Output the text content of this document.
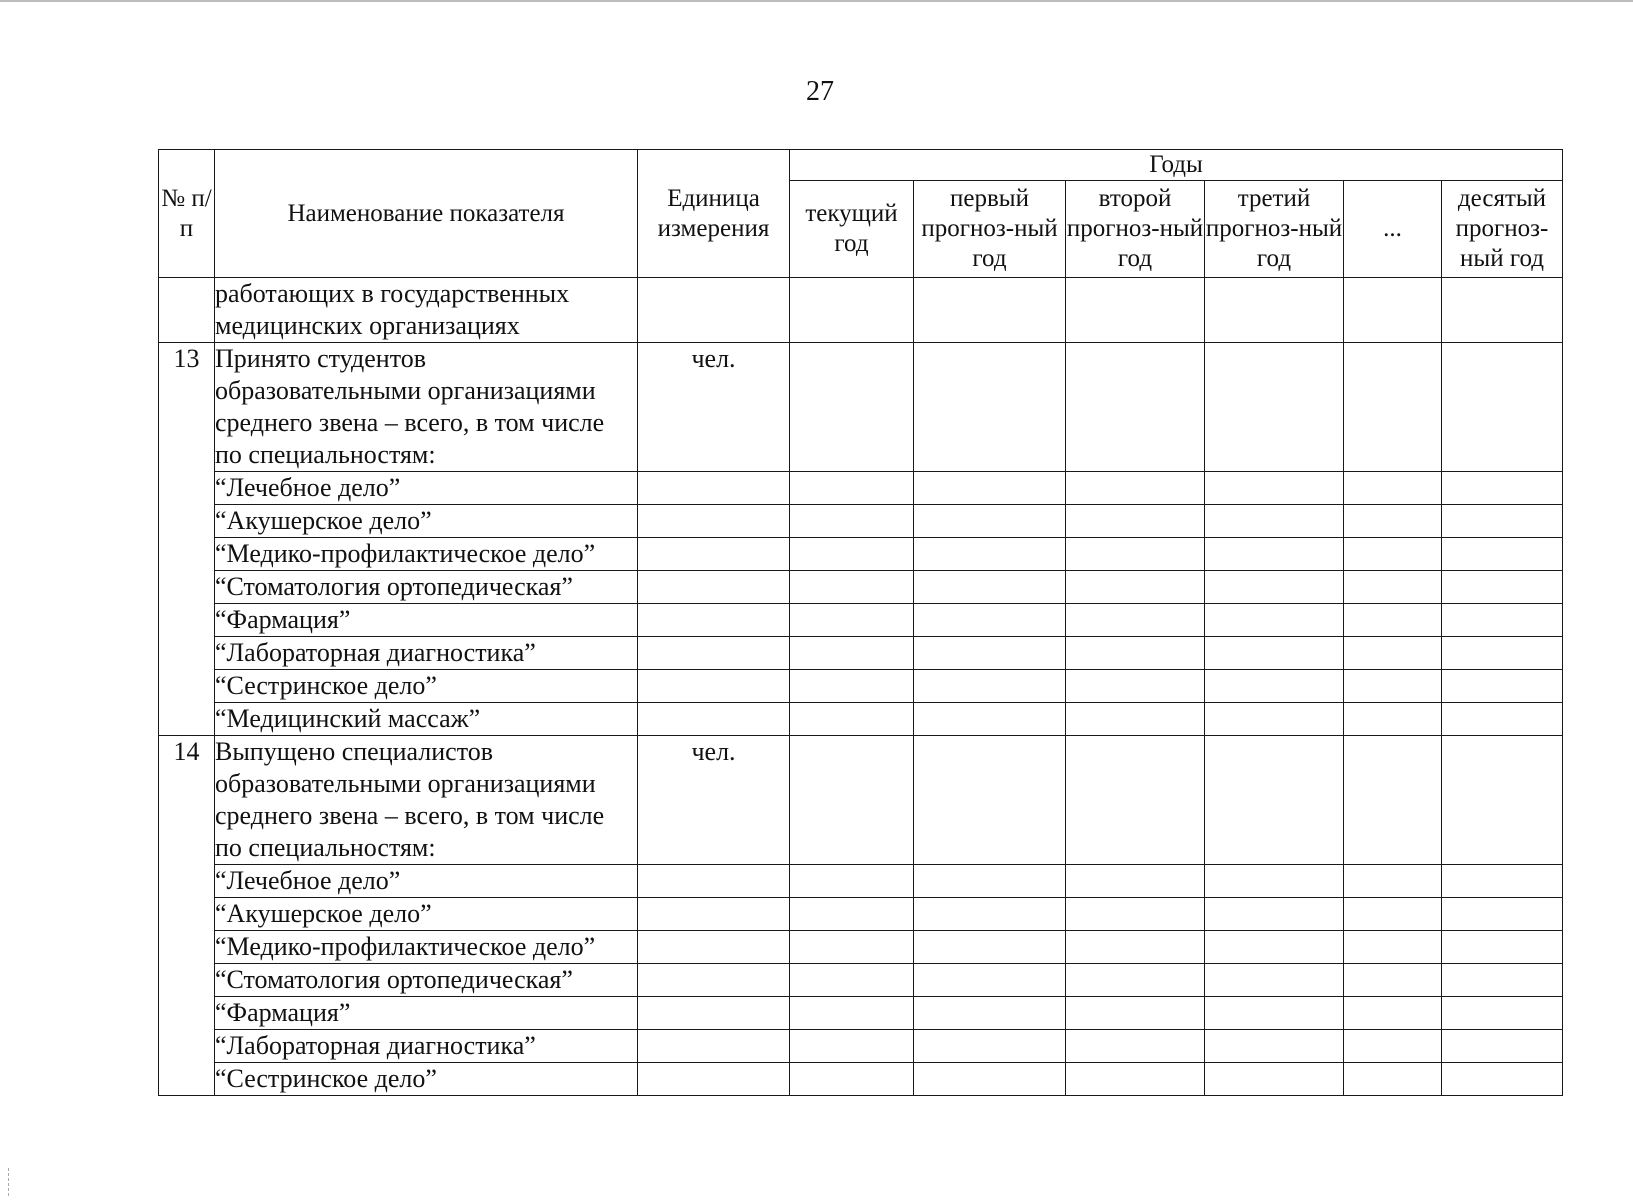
27
№ п/п	Наименование показателя	Единица измерения	Годы					
			текущий год	первый прогноз-ный год	второй прогноз-ный год	третий прогноз-ный год	...	десятый прогноз-ный год
	работающих в государственных медицинских организациях							
13	Принято студентов образовательными организациями среднего звена – всего, в том числе по специальностям:	чел.						
	“Лечебное дело”							
	“Акушерское дело”							
	“Медико-профилактическое дело”							
	“Стоматология ортопедическая”							
	“Фармация”							
	“Лабораторная диагностика”							
	“Сестринское дело”							
	“Медицинский массаж”							
14	Выпущено специалистов образовательными организациями среднего звена – всего, в том числе по специальностям:	чел.						
	“Лечебное дело”							
	“Акушерское дело”							
	“Медико-профилактическое дело”							
	“Стоматология ортопедическая”							
	“Фармация”							
	“Лабораторная диагностика”							
	“Сестринское дело”							
